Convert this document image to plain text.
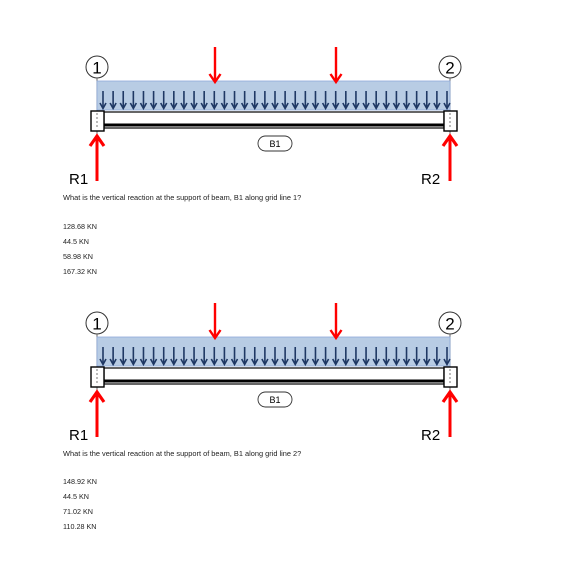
1	2
B1
R1	R2
What is the vertical reaction at the support of beam, B1 along grid line 1?
128.68 KN
44.5 KN
58.98 KN
167.32 KN
1	2
B1
R1	R2
What is the vertical reaction at the support of beam, B1 along grid line 2?
148.92 KN
44.5 KN
71.02 KN
110.28 KN
